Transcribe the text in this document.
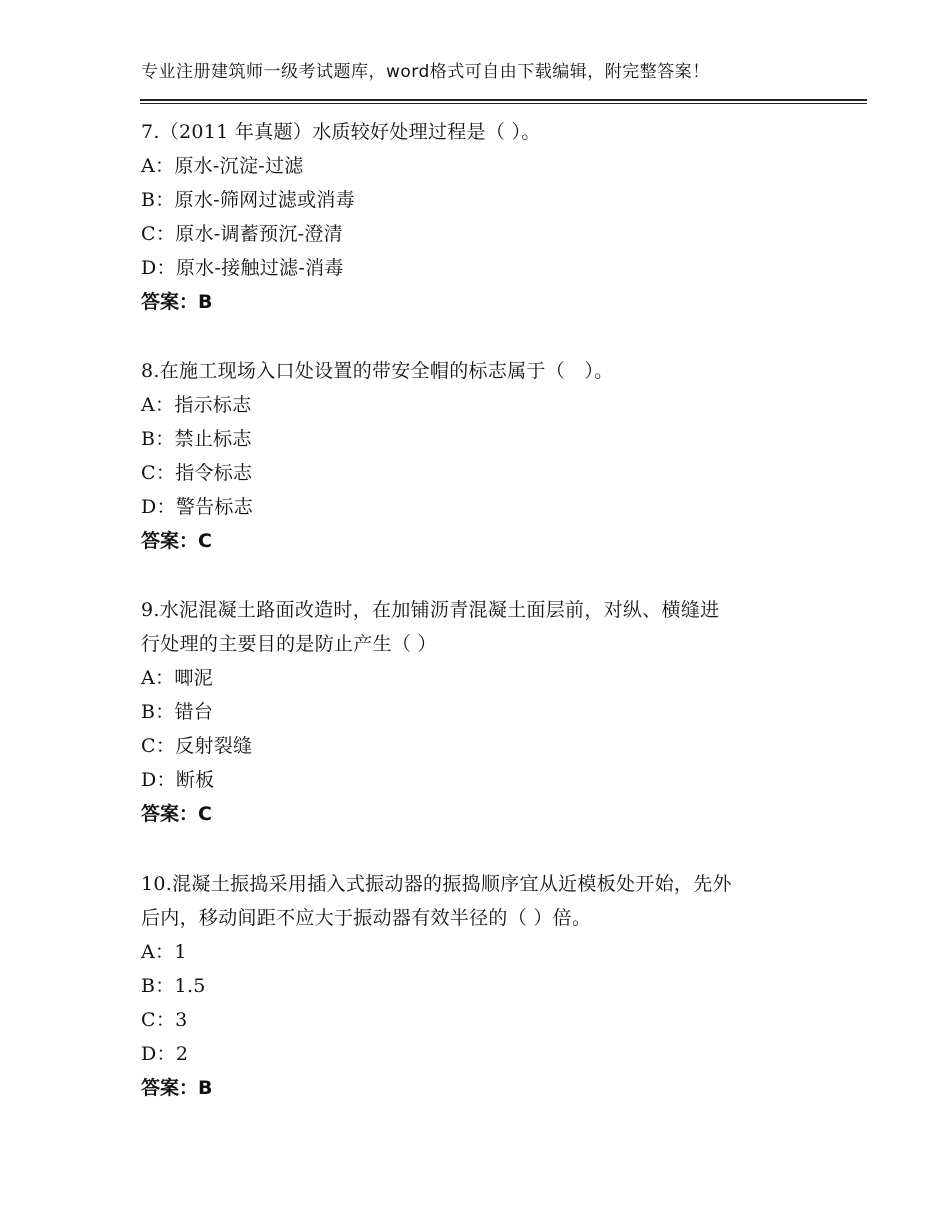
专业注册建筑师一级考试题库，word格式可自由下载编辑，附完整答案！
7.（2011 年真题）水质较好处理过程是（ ）。
A：原水-沉淀-过滤
B：原水-筛网过滤或消毒
C：原水-调蓄预沉-澄清
D：原水-接触过滤-消毒
答案：B
8.在施工现场入口处设置的带安全帽的标志属于（　）。
A：指示标志
B：禁止标志
C：指令标志
D：警告标志
答案：C
9.水泥混凝土路面改造时，在加铺沥青混凝土面层前，对纵、横缝进
行处理的主要目的是防止产生（ ）
A：唧泥
B：错台
C：反射裂缝
D：断板
答案：C
10.混凝土振捣采用插入式振动器的振捣顺序宜从近模板处开始，先外
后内，移动间距不应大于振动器有效半径的（ ）倍。
A：1
B：1.5
C：3
D：2
答案：B
